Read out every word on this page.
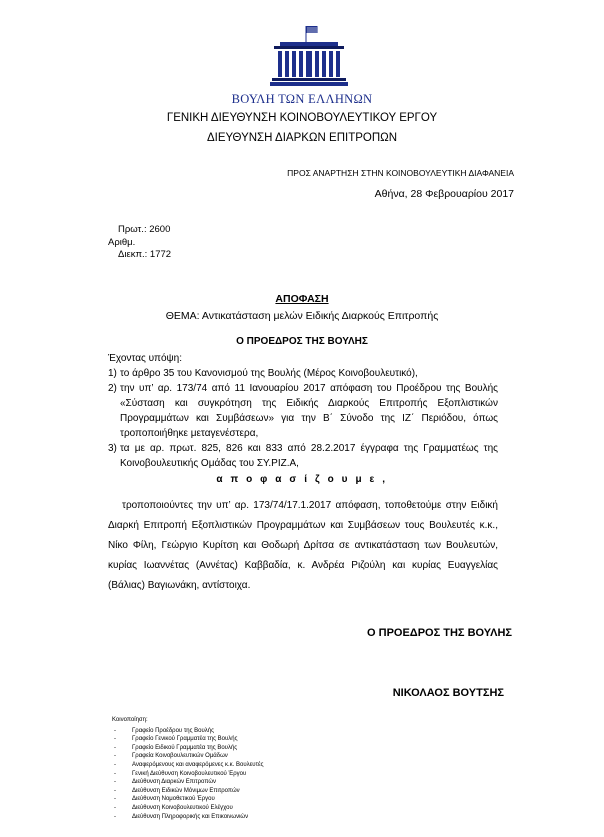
ΒΟΥΛΗ ΤΩΝ ΕΛΛΗΝΩΝ
ΓΕΝΙΚΗ ΔΙΕΥΘΥΝΣΗ ΚΟΙΝΟΒΟΥΛΕΥΤΙΚΟΥ ΕΡΓΟΥ
ΔΙΕΥΘΥΝΣΗ ΔΙΑΡΚΩΝ ΕΠΙΤΡΟΠΩΝ
ΠΡΟΣ ΑΝΑΡΤΗΣΗ ΣΤΗΝ ΚΟΙΝΟΒΟΥΛΕΥΤΙΚΗ ΔΙΑΦΑΝΕΙΑ
Αθήνα, 28 Φεβρουαρίου 2017
Πρωτ.: 2600
Αριθμ.
Διεκπ.: 1772
ΑΠΟΦΑΣΗ
ΘΕΜΑ: Αντικατάσταση μελών Ειδικής Διαρκούς Επιτροπής
Ο ΠΡΟΕΔΡΟΣ ΤΗΣ ΒΟΥΛΗΣ
Έχοντας υπόψη:
1) το άρθρο 35 του Κανονισμού της Βουλής (Μέρος Κοινοβουλευτικό),
2) την υπ’ αρ. 173/74 από 11 Ιανουαρίου 2017 απόφαση του Προέδρου της Βουλής «Σύσταση και συγκρότηση της Ειδικής Διαρκούς Επιτροπής Εξοπλιστικών Προγραμμάτων και Συμβάσεων» για την Β΄ Σύνοδο της ΙΖ΄ Περιόδου, όπως τροποποιήθηκε μεταγενέστερα,
3) τα με αρ. πρωτ. 825, 826 και 833 από 28.2.2017 έγγραφα της Γραμματέως της Κοινοβουλευτικής Ομάδας του ΣΥ.ΡΙΖ.Α,
α π ο φ α σ ί ζ ο υ μ ε ,
τροποποιούντες την υπ’ αρ. 173/74/17.1.2017 απόφαση, τοποθετούμε στην Ειδική Διαρκή Επιτροπή Εξοπλιστικών Προγραμμάτων και Συμβάσεων τους Βουλευτές κ.κ., Νίκο Φίλη, Γεώργιο Κυρίτση και Θοδωρή Δρίτσα σε αντικατάσταση των Βουλευτών, κυρίας Ιωαννέτας (Αννέτας) Καββαδία, κ. Ανδρέα Ριζούλη και κυρίας Ευαγγελίας (Βάλιας) Βαγιωνάκη, αντίστοιχα.
Ο ΠΡΟΕΔΡΟΣ ΤΗΣ ΒΟΥΛΗΣ
ΝΙΚΟΛΑΟΣ ΒΟΥΤΣΗΣ
Κοινοποίηση:
-	Γραφείο Προέδρου της Βουλής
-	Γραφείο Γενικού Γραμματέα της Βουλής
-	Γραφείο Ειδικού Γραμματέα της Βουλής
-	Γραφεία Κοινοβουλευτικών Ομάδων
-	Αναφερόμενους και αναφερόμενες κ.κ. Βουλευτές
-	Γενική Διεύθυνση Κοινοβουλευτικού Έργου
-	Διεύθυνση Διαρκών Επιτροπών
-	Διεύθυνση Ειδικών Μόνιμων Επιτροπών
-	Διεύθυνση Νομοθετικού Έργου
-	Διεύθυνση Κοινοβουλευτικού Ελέγχου
-	Διεύθυνση Πληροφορικής και Επικοινωνιών
